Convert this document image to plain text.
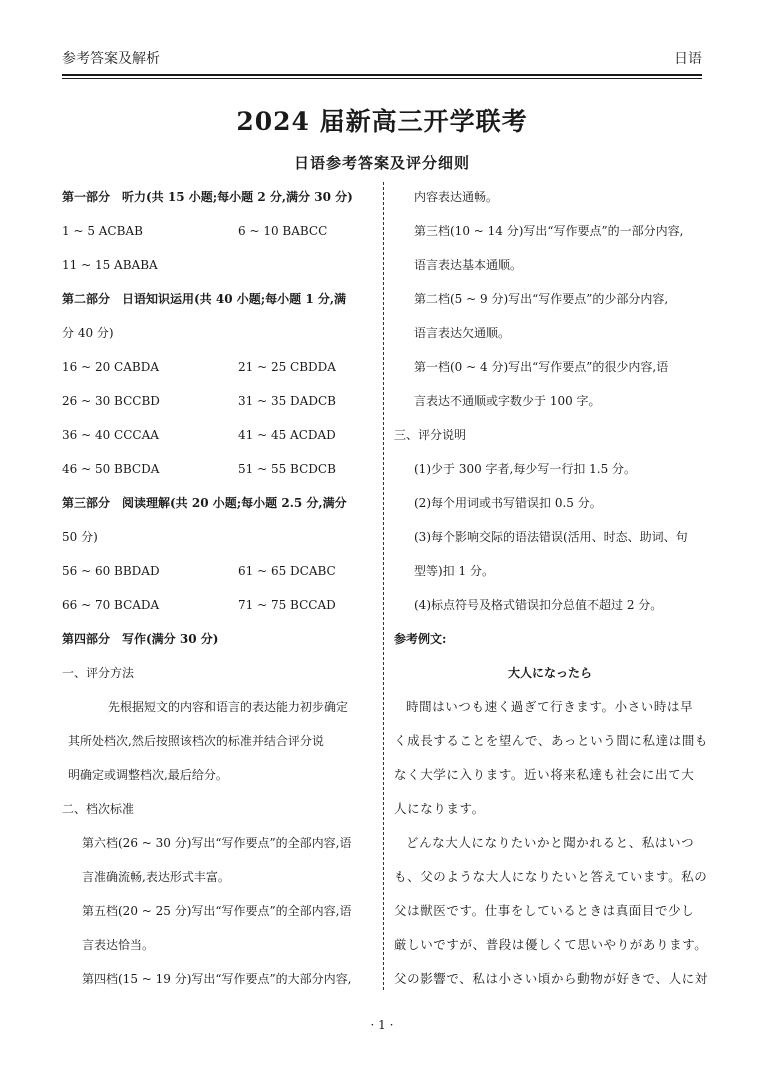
参考答案及解析	日语
2024 届新高三开学联考
日语参考答案及评分细则
第一部分　听力(共 15 小题;每小题 2 分,满分 30 分)
1 ~ 5 ACBAB	6 ~ 10 BABCC
11 ~ 15 ABABA
第二部分　日语知识运用(共 40 小题;每小题 1 分,满
分 40 分)
16 ~ 20 CABDA	21 ~ 25 CBDDA
26 ~ 30 BCCBD	31 ~ 35 DADCB
36 ~ 40 CCCAA	41 ~ 45 ACDAD
46 ~ 50 BBCDA	51 ~ 55 BCDCB
第三部分　阅读理解(共 20 小题;每小题 2.5 分,满分
50 分)
56 ~ 60 BBDAD	61 ~ 65 DCABC
66 ~ 70 BCADA	71 ~ 75 BCCAD
第四部分　写作(满分 30 分)
一、评分方法
先根据短文的内容和语言的表达能力初步确定
其所处档次,然后按照该档次的标准并结合评分说
明确定或调整档次,最后给分。
二、档次标准
第六档(26 ~ 30 分)写出“写作要点”的全部内容,语
言准确流畅,表达形式丰富。
第五档(20 ~ 25 分)写出“写作要点”的全部内容,语
言表达恰当。
第四档(15 ~ 19 分)写出“写作要点”的大部分内容,
内容表达通畅。
第三档(10 ~ 14 分)写出“写作要点”的一部分内容,
语言表达基本通顺。
第二档(5 ~ 9 分)写出“写作要点”的少部分内容,
语言表达欠通顺。
第一档(0 ~ 4 分)写出“写作要点”的很少内容,语
言表达不通顺或字数少于 100 字。
三、评分说明
(1)少于 300 字者,每少写一行扣 1.5 分。
(2)每个用词或书写错误扣 0.5 分。
(3)每个影响交际的语法错误(活用、时态、助词、句
型等)扣 1 分。
(4)标点符号及格式错误扣分总值不超过 2 分。
参考例文:
大人になったら
時間はいつも速く過ぎて行きます。小さい時は早
く成長することを望んで、あっという間に私達は間も
なく大学に入ります。近い将来私達も社会に出て大
人になります。
どんな大人になりたいかと聞かれると、私はいつ
も、父のような大人になりたいと答えています。私の
父は獣医です。仕事をしているときは真面目で少し
厳しいですが、普段は優しくて思いやりがあります。
父の影響で、私は小さい頃から動物が好きで、人に対
· 1 ·
